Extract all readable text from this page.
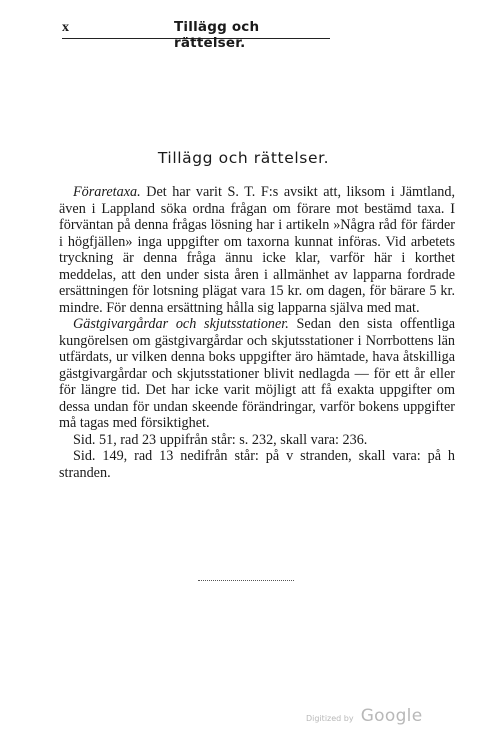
x	Tillägg och rättelser.
Tillägg och rättelser.

Föraretaxa. Det har varit S. T. F:s avsikt att, liksom i Jämtland, även i Lappland söka ordna frågan om förare mot bestämd taxa. I förväntan på denna frågas lösning har i artikeln »Några råd för färder i högfjällen» inga uppgifter om taxorna kunnat införas. Vid arbetets tryckning är denna fråga ännu icke klar, varför här i korthet meddelas, att den under sista åren i allmänhet av lapparna fordrade ersättningen för lotsning plägat vara 15 kr. om dagen, för bärare 5 kr. mindre. För denna ersättning hålla sig lapparna själva med mat.

Gästgivargårdar och skjutsstationer. Sedan den sista offentliga kungörelsen om gästgivargårdar och skjutsstationer i Norrbottens län utfärdats, ur vilken denna boks uppgifter äro hämtade, hava åtskilliga gästgivargårdar och skjutsstationer blivit nedlagda — för ett år eller för längre tid. Det har icke varit möjligt att få exakta uppgifter om dessa undan för undan skeende förändringar, varför bokens uppgifter må tagas med försiktighet.

Sid. 51, rad 23 uppifrån står: s. 232, skall vara: 236.

Sid. 149, rad 13 nedifrån står: på v stranden, skall vara: på h stranden.

Digitized by Google
